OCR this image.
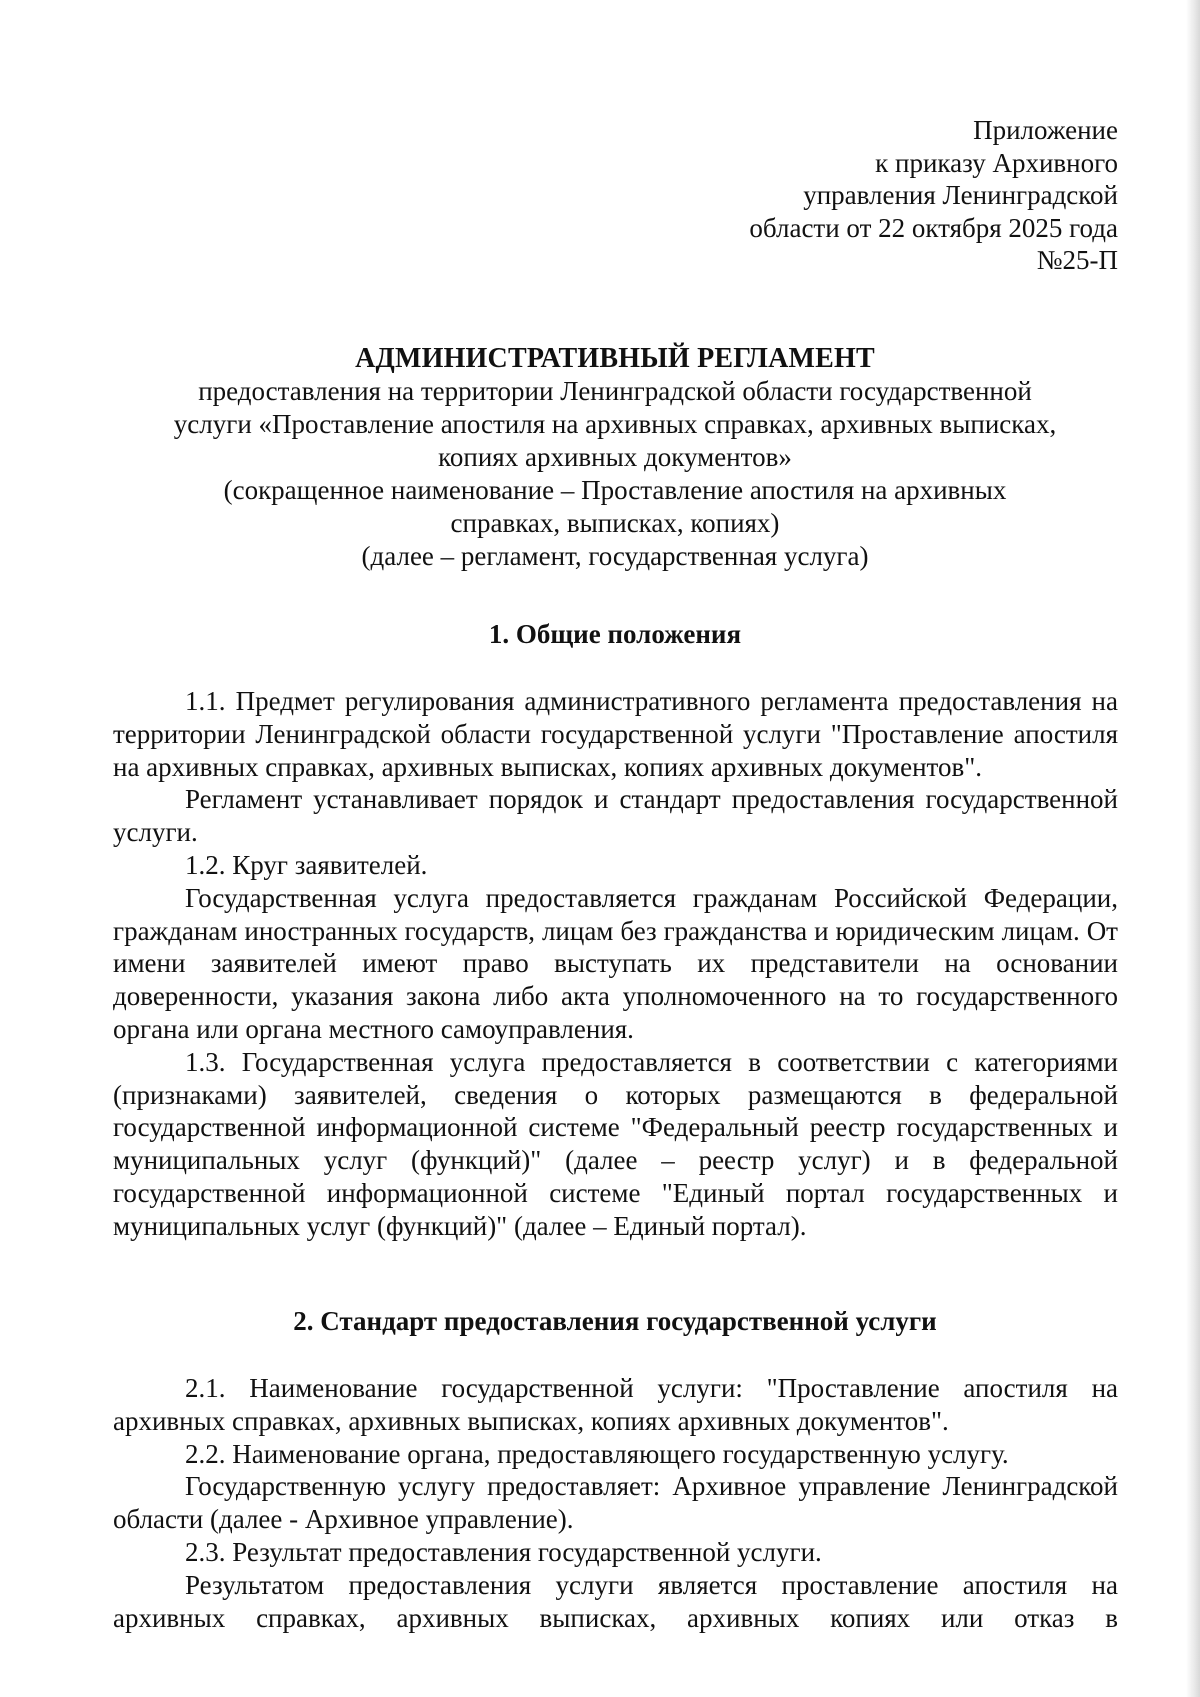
Приложение
к приказу Архивного
управления Ленинградской
области от 22 октября 2025 года
№25-П
АДМИНИСТРАТИВНЫЙ РЕГЛАМЕНТ
предоставления на территории Ленинградской области государственной
услуги «Проставление апостиля на архивных справках, архивных выписках,
копиях архивных документов»
(сокращенное наименование – Проставление апостиля на архивных
справках, выписках, копиях)
(далее – регламент, государственная услуга)
1. Общие положения

1.1. Предмет регулирования административного регламента предоставления на территории Ленинградской области государственной услуги "Проставление апостиля на архивных справках, архивных выписках, копиях архивных документов".

Регламент устанавливает порядок и стандарт предоставления государственной услуги.

1.2. Круг заявителей.

Государственная услуга предоставляется гражданам Российской Федерации, гражданам иностранных государств, лицам без гражданства и юридическим лицам. От имени заявителей имеют право выступать их представители на основании доверенности, указания закона либо акта уполномоченного на то государственного органа или органа местного самоуправления.

1.3. Государственная услуга предоставляется в соответствии с категориями (признаками) заявителей, сведения о которых размещаются в федеральной государственной информационной системе "Федеральный реестр государственных и муниципальных услуг (функций)" (далее – реестр услуг) и в федеральной государственной информационной системе "Единый портал государственных и муниципальных услуг (функций)" (далее – Единый портал).

2. Стандарт предоставления государственной услуги

2.1. Наименование государственной услуги: "Проставление апостиля на архивных справках, архивных выписках, копиях архивных документов".

2.2. Наименование органа, предоставляющего государственную услугу.

Государственную услугу предоставляет: Архивное управление Ленинградской области (далее - Архивное управление).

2.3. Результат предоставления государственной услуги.

Результатом предоставления услуги является проставление апостиля на архивных справках, архивных выписках, архивных копиях или отказ в
